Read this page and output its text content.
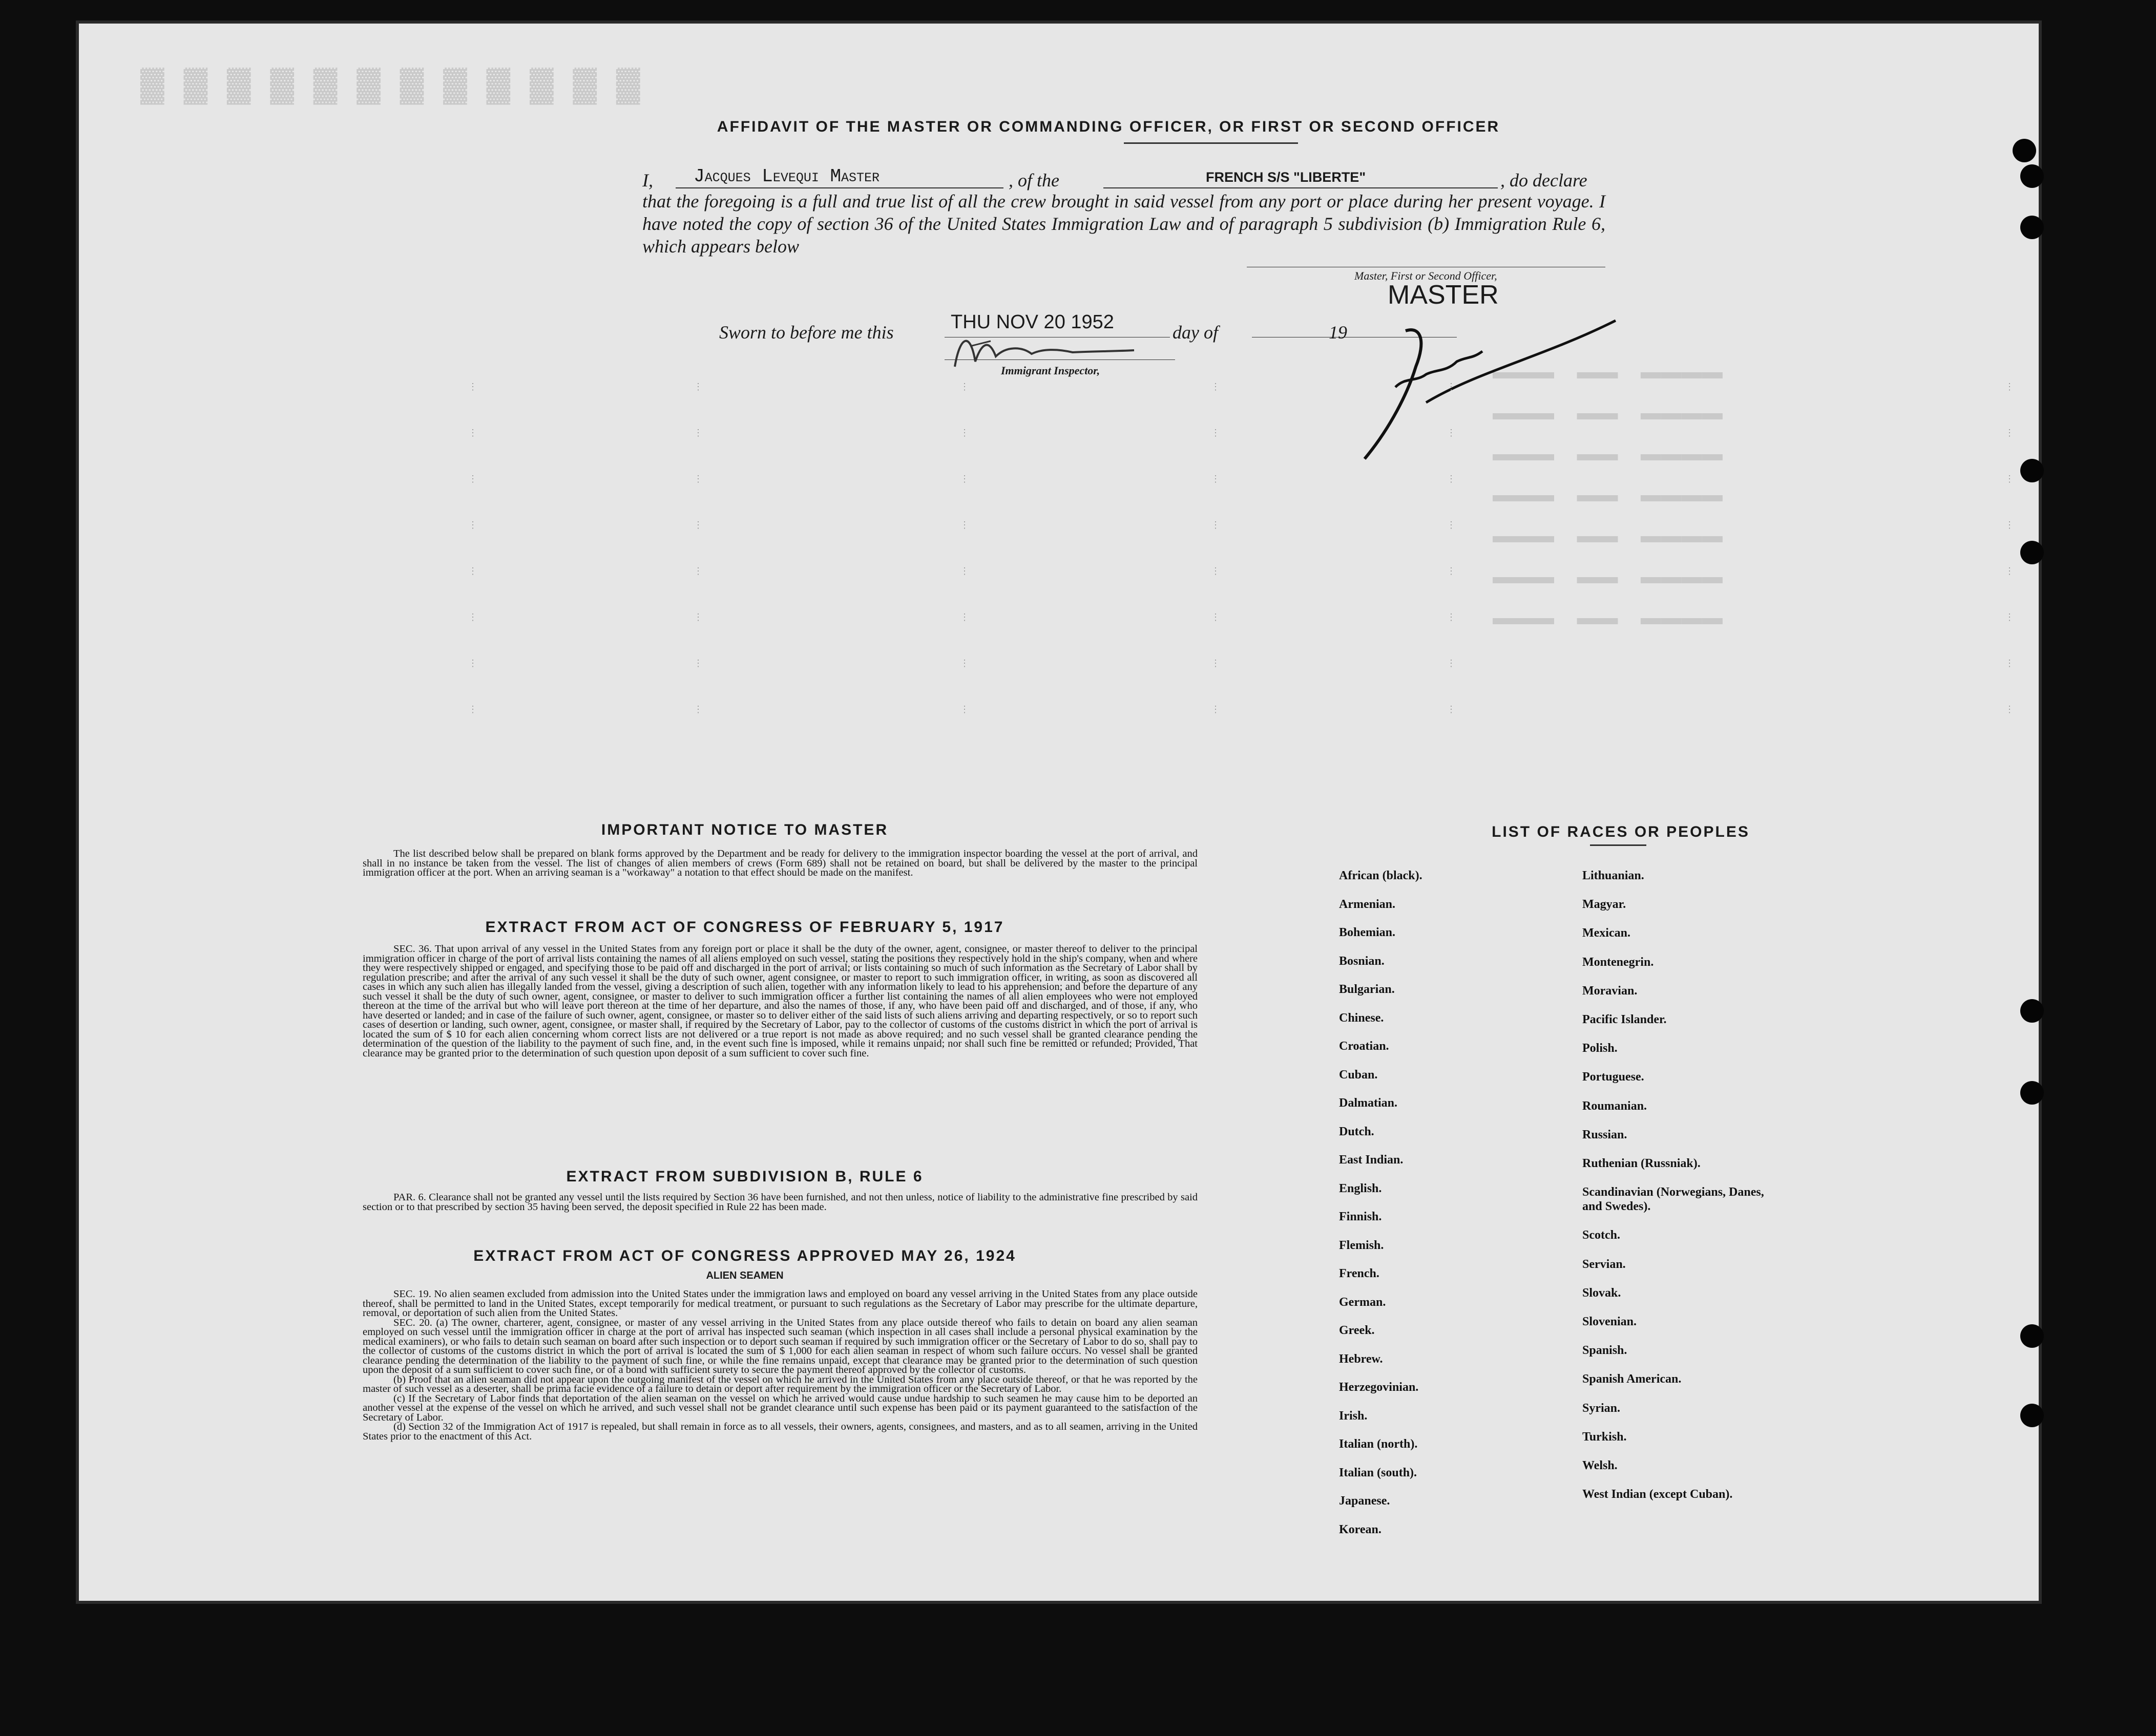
▓ ▓ ▓ ▓ ▓ ▓ ▓ ▓ ▓ ▓ ▓ ▓
▬▬▬    ▬▬    ▬▬▬▬
▬▬▬    ▬▬    ▬▬▬▬
▬▬▬    ▬▬    ▬▬▬▬
▬▬▬    ▬▬    ▬▬▬▬
▬▬▬    ▬▬    ▬▬▬▬
▬▬▬    ▬▬    ▬▬▬▬
▬▬▬    ▬▬    ▬▬▬▬
AFFIDAVIT OF THE MASTER OR COMMANDING OFFICER, OR FIRST OR SECOND OFFICER
I, Jacques Levequi Master	, of the	FRENCH S/S "LIBERTE"	, do declare
that the foregoing is a full and true list of all the crew brought in said vessel from any port or place during her present voyage. I have noted the copy of section 36 of the United States Immigration Law and of paragraph 5 subdivision (b) Immigration Rule 6, which appears below
Master, First or Second Officer,
MASTER
Sworn to before me this	THU NOV 20 1952	day of	19
Immigrant Inspector,
⋮

⋮

⋮

⋮

⋮

⋮

⋮

⋮
⋮

⋮

⋮

⋮

⋮

⋮

⋮

⋮
⋮

⋮

⋮

⋮

⋮

⋮

⋮

⋮
⋮

⋮

⋮

⋮

⋮

⋮

⋮

⋮
⋮

⋮

⋮

⋮

⋮

⋮

⋮

⋮
⋮

⋮

⋮

⋮

⋮

⋮

⋮

⋮
IMPORTANT NOTICE TO MASTER
The list described below shall be prepared on blank forms approved by the Department and be ready for delivery to the immigration inspector boarding the vessel at the port of arrival, and shall in no instance be taken from the vessel. The list of changes of alien members of crews (Form 689) shall not be retained on board, but shall be delivered by the master to the principal immigration officer at the port. When an arriving seaman is a "workaway" a notation to that effect should be made on the manifest.
EXTRACT FROM ACT OF CONGRESS OF FEBRUARY 5, 1917
SEC. 36. That upon arrival of any vessel in the United States from any foreign port or place it shall be the duty of the owner, agent, consignee, or master thereof to deliver to the principal immigration officer in charge of the port of arrival lists containing the names of all aliens employed on such vessel, stating the positions they respectively hold in the ship's company, when and where they were respectively shipped or engaged, and specifying those to be paid off and discharged in the port of arrival; or lists containing so much of such information as the Secretary of Labor shall by regulation prescribe; and after the arrival of any such vessel it shall be the duty of such owner, agent consignee, or master to report to such immigration officer, in writing, as soon as discovered all cases in which any such alien has illegally landed from the vessel, giving a description of such alien, together with any information likely to lead to his apprehension; and before the departure of any such vessel it shall be the duty of such owner, agent, consignee, or master to deliver to such immigration officer a further list containing the names of all alien employees who were not employed thereon at the time of the arrival but who will leave port thereon at the time of her departure, and also the names of those, if any, who have been paid off and discharged, and of those, if any, who have deserted or landed; and in case of the failure of such owner, agent, consignee, or master so to deliver either of the said lists of such aliens arriving and departing respectively, or so to report such cases of desertion or landing, such owner, agent, consignee, or master shall, if required by the Secretary of Labor, pay to the collector of customs of the customs district in which the port of arrival is located the sum of $ 10 for each alien concerning whom correct lists are not delivered or a true report is not made as above required; and no such vessel shall be granted clearance pending the determination of the question of the liability to the payment of such fine, and, in the event such fine is imposed, while it remains unpaid; nor shall such fine be remitted or refunded; Provided, That clearance may be granted prior to the determination of such question upon deposit of a sum sufficient to cover such fine.
EXTRACT FROM SUBDIVISION B, RULE 6
PAR. 6. Clearance shall not be granted any vessel until the lists required by Section 36 have been furnished, and not then unless, notice of liability to the administrative fine prescribed by said section or to that prescribed by section 35 having been served, the deposit specified in Rule 22 has been made.
EXTRACT FROM ACT OF CONGRESS APPROVED MAY 26, 1924
ALIEN SEAMEN
SEC. 19. No alien seamen excluded from admission into the United States under the immigration laws and employed on board any vessel arriving in the United States from any place outside thereof, shall be permitted to land in the United States, except temporarily for medical treatment, or pursuant to such regulations as the Secretary of Labor may prescribe for the ultimate departure, removal, or deportation of such alien from the United States.
SEC. 20. (a) The owner, charterer, agent, consignee, or master of any vessel arriving in the United States from any place outside thereof who fails to detain on board any alien seaman employed on such vessel until the immigration officer in charge at the port of arrival has inspected such seaman (which inspection in all cases shall include a personal physical examination by the medical examiners), or who fails to detain such seaman on board after such inspection or to deport such seaman if required by such immigration officer or the Secretary of Labor to do so, shall pay to the collector of customs of the customs district in which the port of arrival is located the sum of $ 1,000 for each alien seaman in respect of whom such failure occurs. No vessel shall be granted clearance pending the determination of the liability to the payment of such fine, or while the fine remains unpaid, except that clearance may be granted prior to the determination of such question upon the deposit of a sum sufficient to cover such fine, or of a bond with sufficient surety to secure the payment thereof approved by the collector of customs.
(b) Proof that an alien seaman did not appear upon the outgoing manifest of the vessel on which he arrived in the United States from any place outside thereof, or that he was reported by the master of such vessel as a deserter, shall be prima facie evidence of a failure to detain or deport after requirement by the immigration officer or the Secretary of Labor.
(c) If the Secretary of Labor finds that deportation of the alien seaman on the vessel on which he arrived would cause undue hardship to such seamen he may cause him to be deported an another vessel at the expense of the vessel on which he arrived, and such vessel shall not be grandet clearance until such expense has been paid or its payment guaranteed to the satisfaction of the Secretary of Labor.
(d) Section 32 of the Immigration Act of 1917 is repealed, but shall remain in force as to all vessels, their owners, agents, consignees, and masters, and as to all seamen, arriving in the United States prior to the enactment of this Act.
LIST OF RACES OR PEOPLES
African (black).
Armenian.
Bohemian.
Bosnian.
Bulgarian.
Chinese.
Croatian.
Cuban.
Dalmatian.
Dutch.
East Indian.
English.
Finnish.
Flemish.
French.
German.
Greek.
Hebrew.
Herzegovinian.
Irish.
Italian (north).
Italian (south).
Japanese.
Korean.
Lithuanian.
Magyar.
Mexican.
Montenegrin.
Moravian.
Pacific Islander.
Polish.
Portuguese.
Roumanian.
Russian.
Ruthenian (Russniak).
Scandinavian (Norwegians, Danes, and Swedes).
Scotch.
Servian.
Slovak.
Slovenian.
Spanish.
Spanish American.
Syrian.
Turkish.
Welsh.
West Indian (except Cuban).
